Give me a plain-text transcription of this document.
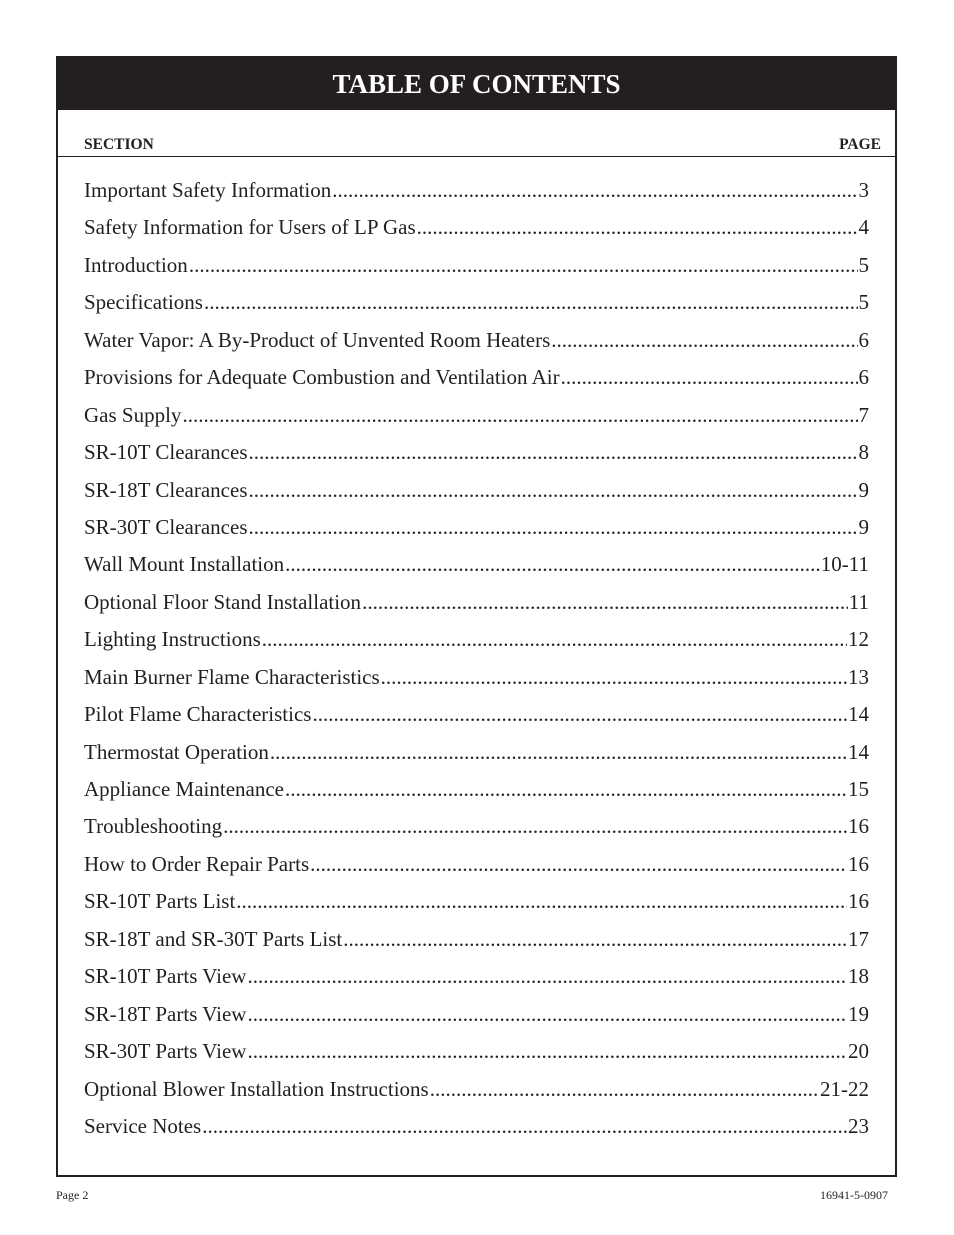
TABLE OF CONTENTS
SECTION	PAGE
Important Safety Information .....	3
Safety Information for Users of LP Gas .....	4
Introduction .....	5
Specifications .....	5
Water Vapor: A By-Product of Unvented Room Heaters .....	6
Provisions for Adequate Combustion and Ventilation Air .....	6
Gas Supply .....	7
SR-10T Clearances .....	8
SR-18T Clearances .....	9
SR-30T Clearances .....	9
Wall Mount Installation .....	10-11
Optional Floor Stand Installation .....	11
Lighting Instructions .....	12
Main Burner Flame Characteristics .....	13
Pilot Flame Characteristics .....	14
Thermostat Operation .....	14
Appliance Maintenance .....	15
Troubleshooting .....	16
How to Order Repair Parts .....	16
SR-10T Parts List .....	16
SR-18T and SR-30T Parts List .....	17
SR-10T Parts View .....	18
SR-18T Parts View .....	19
SR-30T Parts View .....	20
Optional Blower Installation Instructions .....	21-22
Service Notes .....	23
Page 2	16941-5-0907
